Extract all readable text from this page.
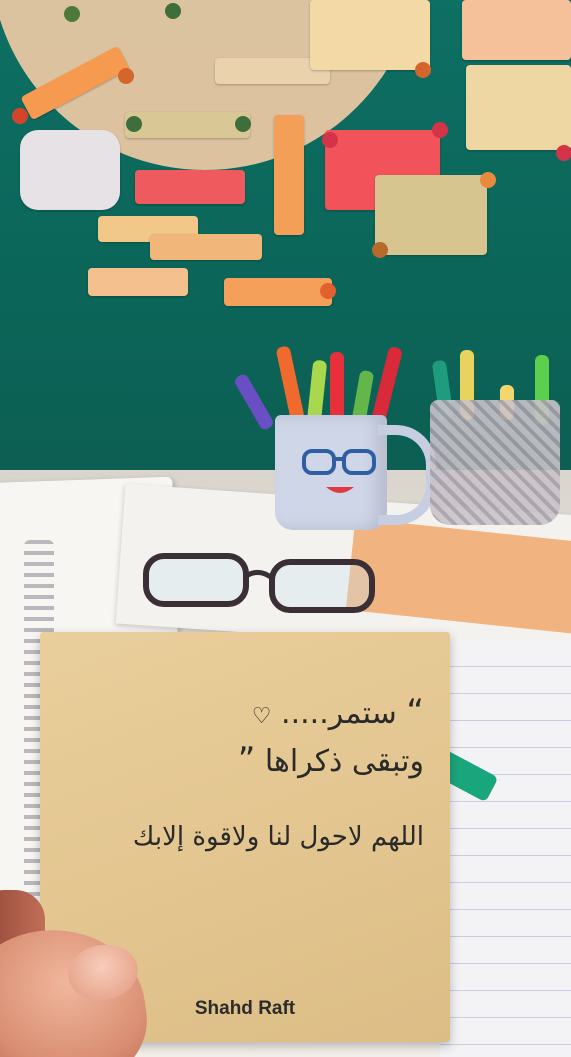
“ ستمر..... ♡
وتبقى ذكراها ”
اللهم لاحول لنا ولاقوة إلابك
Shahd Raft
